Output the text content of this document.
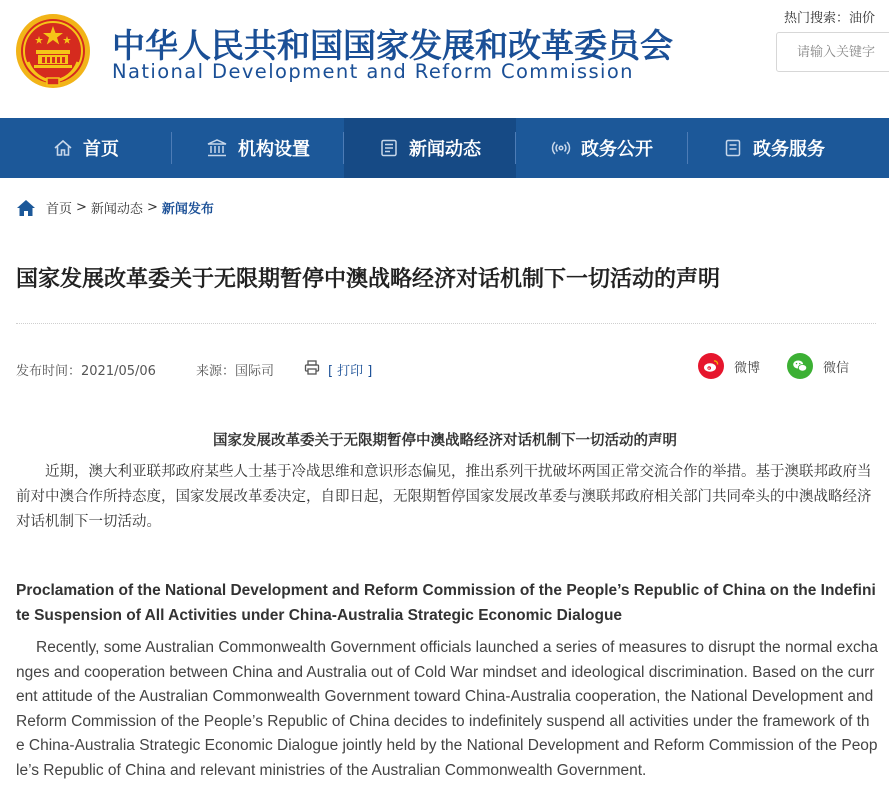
中华人民共和国国家发展和改革委员会
National Development and Reform Commission
热门搜索：油价
请输入关键字
首页	机构设置	新闻动态	政务公开	政务服务
首页 > 新闻动态 > 新闻发布
国家发展改革委关于无限期暂停中澳战略经济对话机制下一切活动的声明
发布时间：2021/05/06	来源：国际司	[ 打印 ]	微博	微信
国家发展改革委关于无限期暂停中澳战略经济对话机制下一切活动的声明

近期，澳大利亚联邦政府某些人士基于冷战思维和意识形态偏见，推出系列干扰破坏两国正常交流合作的举措。基于澳联邦政府当前对中澳合作所持态度，国家发展改革委决定，自即日起，无限期暂停国家发展改革委与澳联邦政府相关部门共同牵头的中澳战略经济对话机制下一切活动。

Proclamation of the National Development and Reform Commission of the People’s Republic of China on the Indefinite Suspension of All Activities under China-Australia Strategic Economic Dialogue

Recently, some Australian Commonwealth Government officials launched a series of measures to disrupt the normal exchanges and cooperation between China and Australia out of Cold War mindset and ideological discrimination. Based on the current attitude of the Australian Commonwealth Government toward China-Australia cooperation, the National Development and Reform Commission of the People’s Republic of China decides to indefinitely suspend all activities under the framework of the China-Australia Strategic Economic Dialogue jointly held by the National Development and Reform Commission of the People’s Republic of China and relevant ministries of the Australian Commonwealth Government.
